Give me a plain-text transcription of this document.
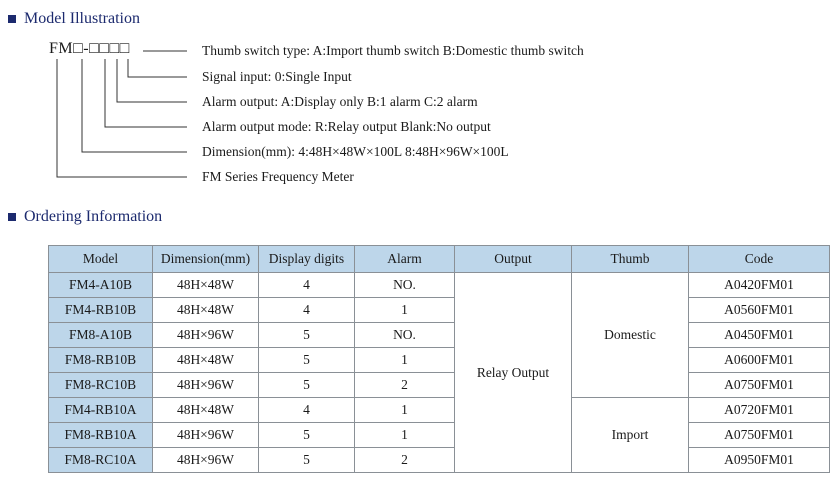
Model Illustration
FM□-□□□□	Thumb switch type: A:Import thumb switch B:Domestic thumb switch
Signal input: 0:Single Input
Alarm output: A:Display only B:1 alarm C:2 alarm
Alarm output mode: R:Relay output Blank:No output
Dimension(mm): 4:48H×48W×100L 8:48H×96W×100L
FM Series Frequency Meter
Ordering Information
Model	Dimension(mm)	Display digits	Alarm	Output	Thumb	Code
FM4-A10B	48H×48W	4	NO.	Relay Output	Domestic	A0420FM01
FM4-RB10B	48H×48W	4	1			A0560FM01
FM8-A10B	48H×96W	5	NO.			A0450FM01
FM8-RB10B	48H×48W	5	1			A0600FM01
FM8-RC10B	48H×96W	5	2			A0750FM01
FM4-RB10A	48H×48W	4	1		Import	A0720FM01
FM8-RB10A	48H×96W	5	1			A0750FM01
FM8-RC10A	48H×96W	5	2			A0950FM01
